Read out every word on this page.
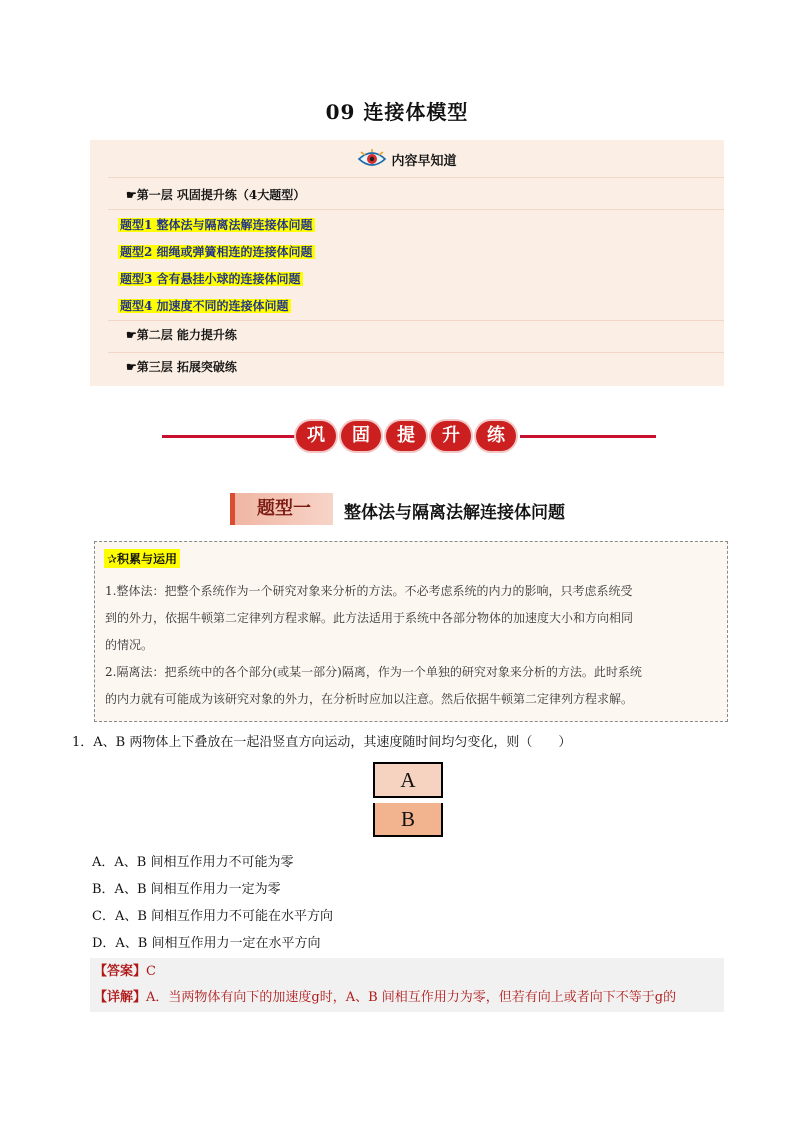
09 连接体模型
内容早知道
☛第一层 巩固提升练（4大题型）
题型1 整体法与隔离法解连接体问题
题型2 细绳或弹簧相连的连接体问题
题型3 含有悬挂小球的连接体问题
题型4 加速度不同的连接体问题
☛第二层 能力提升练
☛第三层 拓展突破练
巩	固	提	升	练
题型一	整体法与隔离法解连接体问题
✰积累与运用
1.整体法：把整个系统作为一个研究对象来分析的方法。不必考虑系统的内力的影响，只考虑系统受
到的外力，依据牛顿第二定律列方程求解。此方法适用于系统中各部分物体的加速度大小和方向相同
的情况。
2.隔离法：把系统中的各个部分(或某一部分)隔离，作为一个单独的研究对象来分析的方法。此时系统
的内力就有可能成为该研究对象的外力，在分析时应加以注意。然后依据牛顿第二定律列方程求解。
1．A、B 两物体上下叠放在一起沿竖直方向运动，其速度随时间均匀变化，则（　　）
A
B
A．A、B 间相互作用力不可能为零
B．A、B 间相互作用力一定为零
C．A、B 间相互作用力不可能在水平方向
D．A、B 间相互作用力一定在水平方向
【答案】C
【详解】A．当两物体有向下的加速度g时，A、B 间相互作用力为零，但若有向上或者向下不等于g的
